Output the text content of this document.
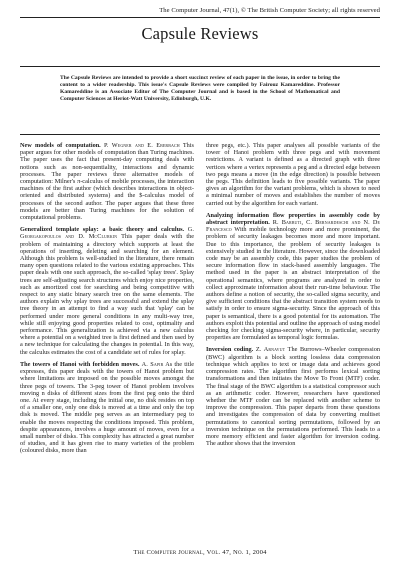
The Computer Journal, 47(1), © The British Computer Society; all rights reserved
Capsule Reviews
The Capsule Reviews are intended to provide a short succinct review of each paper in the issue, in order to bring the content to a wider readership. This issue's Capsule Reviews were compiled by Fairouz Kamareddine. Professor Kamareddine is an Associate Editor of The Computer Journal and is based in the School of Mathematical and Computer Sciences at Heriot-Watt University, Edinburgh, U.K.

New models of computation. P. Wegner and E. Eberbach This paper argues for other models of computation than Turing machines. The paper uses the fact that present-day computing deals with notions such as non-sequentiality, interactions and dynamic processes. The paper reviews three alternative models of computation: Milner's π-calculus of mobile processes, the interaction machines of the first author (which describes interactions in object-oriented and distributed systems) and the $-calculus model of processes of the second author. The paper argues that these three models are better than Turing machines for the solution of computational problems.

Generalized template splay: a basic theory and calculus. G. Georgakopoulos and D. McClurkin This paper deals with the problem of maintaining a directory which supports at least the operations of inserting, deleting and searching for an element. Although this problem is well-studied in the literature, there remain many open questions related to the various existing approaches. This paper deals with one such approach, the so-called 'splay trees'. Splay trees are self-adjusting search structures which enjoy nice properties, such as amortized cost for searching and being competitive with respect to any static binary search tree on the same elements. The authors explain why splay trees are successful and extend the splay tree theory in an attempt to find a way such that 'splay' can be performed under more general conditions in any multi-way tree, while still enjoying good properties related to cost, optimality and performance. This generalization is achieved via a new calculus where a potential on a weighted tree is first defined and then used by a new technique for calculating the changes in potential. In this way, the calculus estimates the cost of a candidate set of rules for splay.

The towers of Hanoi with forbidden moves. A. Sapir As the title expresses, this paper deals with the towers of Hanoi problem but where limitations are imposed on the possible moves amongst the three pegs of towers. The 3-peg tower of Hanoi problem involves moving n disks of different sizes from the first peg onto the third one. At every stage, including the initial one, no disk resides on top of a smaller one, only one disk is moved at a time and only the top disk is moved. The middle peg serves as an intermediary peg to enable the moves respecting the conditions imposed. This problem, despite appearances, involves a huge amount of moves, even for a small number of disks. This complexity has attracted a great number of studies, and it has given rise to many varieties of the problem (coloured disks, more than

three pegs, etc.). This paper analyses all possible variants of the tower of Hanoi problem with three pegs and with movement restrictions. A variant is defined as a directed graph with three vertices where a vertex represents a peg and a directed edge between two pegs means a move (in the edge direction) is possible between the pegs. This definition leads to five possible variants. The paper gives an algorithm for the variant problems, which is shown to need a minimal number of moves and establishes the number of moves carried out by the algorithm for each variant.

Analyzing information flow properties in assembly code by abstract interpretation. R. Barbuti, C. Bernardeschi and N. De Francesco With mobile technology more and more prominent, the problem of security leakages becomes more and more important. Due to this importance, the problem of security leakages is extensively studied in the literature. However, since the downloaded code may be an assembly code, this paper studies the problem of secure information flow in stack-based assembly languages. The method used in the paper is an abstract interpretation of the operational semantics, where programs are analyzed in order to collect approximate information about their run-time behaviour. The authors define a notion of security, the so-called sigma security, and give sufficient conditions that the abstract transition system needs to satisfy in order to ensure sigma-security. Since the approach of this paper is semantical, there is a good potential for its automation. The authors exploit this potential and outline the approach of using model checking for checking sigma-security where, in particular, security properties are formulated as temporal logic formulas.

Inversion coding. Z. Arnavut The Burrows–Wheeler compression (BWC) algorithm is a block sorting lossless data compression technique which applies to text or image data and achieves good compression rates. The algorithm first performs lexical sorting transformations and then initiates the Move To Front (MTF) coder. The final stage of the BWC algorithm is a statistical compressor such as an arithmetic coder. However, researchers have questioned whether the MTF coder can be replaced with another scheme to improve the compression. This paper departs from these questions and investigates the compression of data by converting multiset permutations to canonical sorting permutations, followed by an inversion technique on the permutations performed. This leads to a more memory efficient and faster algorithm for inversion coding. The author shows that the inversion

The Computer Journal, Vol. 47, No. 1, 2004
